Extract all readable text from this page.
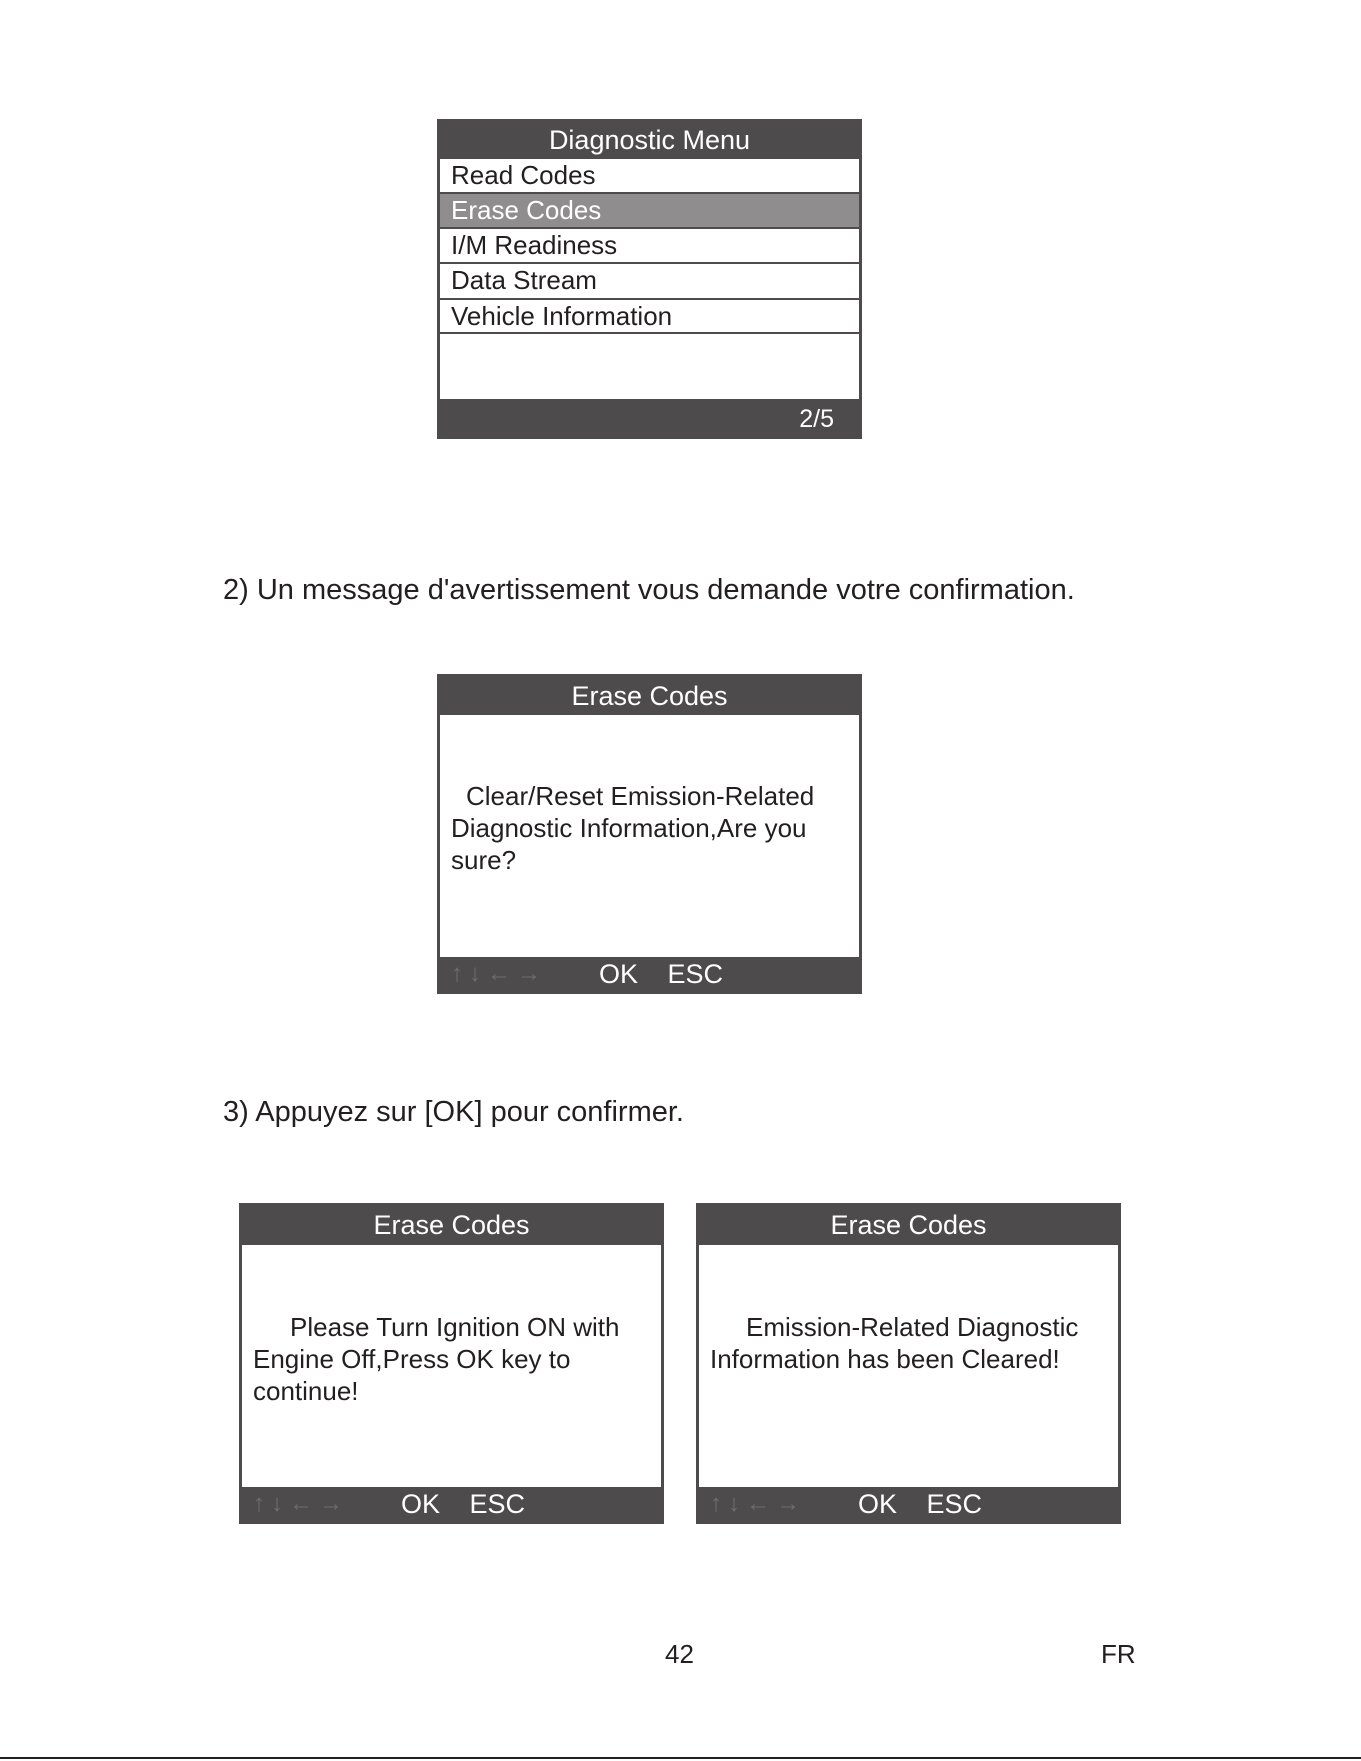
Diagnostic Menu
Read Codes
Erase Codes
I/M Readiness
Data Stream
Vehicle Information
2/5
2) Un message d'avertissement vous demande votre confirmation.
Erase Codes
Clear/Reset Emission-Related Diagnostic Information,Are you sure?
↑↓←→ OK ESC
3) Appuyez sur [OK] pour confirmer.
Erase Codes
Please Turn Ignition ON with Engine Off,Press OK key to continue!
↑↓←→ OK ESC
Erase Codes
Emission-Related Diagnostic Information has been Cleared!
↑↓←→ OK ESC
42	FR
